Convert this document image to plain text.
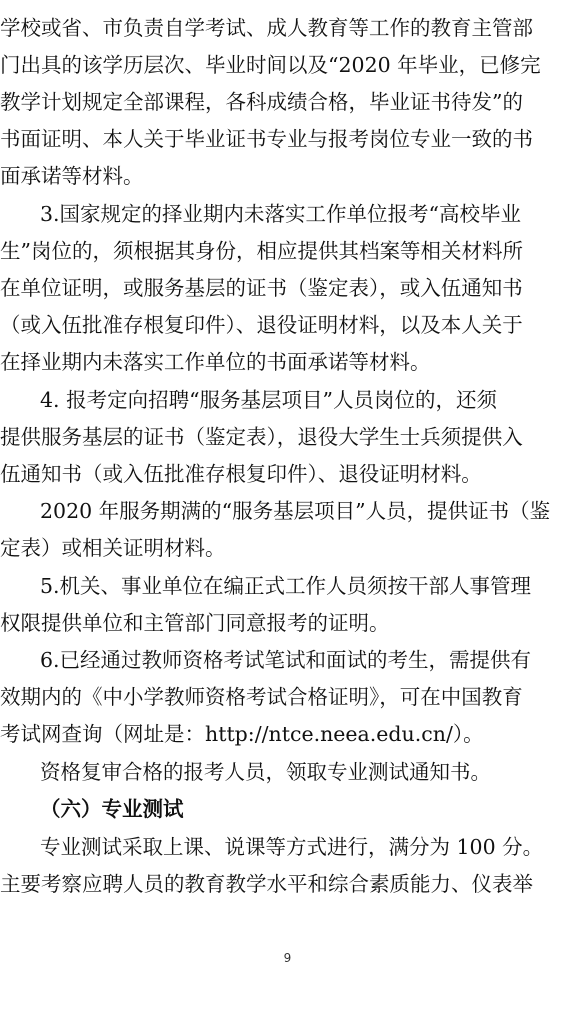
学校或省、市负责自学考试、成人教育等工作的教育主管部
门出具的该学历层次、毕业时间以及“2020 年毕业，已修完
教学计划规定全部课程，各科成绩合格，毕业证书待发”的
书面证明、本人关于毕业证书专业与报考岗位专业一致的书
面承诺等材料。
3.国家规定的择业期内未落实工作单位报考“高校毕业
生”岗位的，须根据其身份，相应提供其档案等相关材料所
在单位证明，或服务基层的证书（鉴定表），或入伍通知书
（或入伍批准存根复印件）、退役证明材料，以及本人关于
在择业期内未落实工作单位的书面承诺等材料。
4. 报考定向招聘“服务基层项目”人员岗位的，还须
提供服务基层的证书（鉴定表），退役大学生士兵须提供入
伍通知书（或入伍批准存根复印件）、退役证明材料。
2020 年服务期满的“服务基层项目”人员，提供证书（鉴
定表）或相关证明材料。
5.机关、事业单位在编正式工作人员须按干部人事管理
权限提供单位和主管部门同意报考的证明。
6.已经通过教师资格考试笔试和面试的考生，需提供有
效期内的《中小学教师资格考试合格证明》，可在中国教育
考试网查询（网址是：http://ntce.neea.edu.cn/）。
资格复审合格的报考人员，领取专业测试通知书。
（六）专业测试
专业测试采取上课、说课等方式进行，满分为 100 分。
主要考察应聘人员的教育教学水平和综合素质能力、仪表举
9
